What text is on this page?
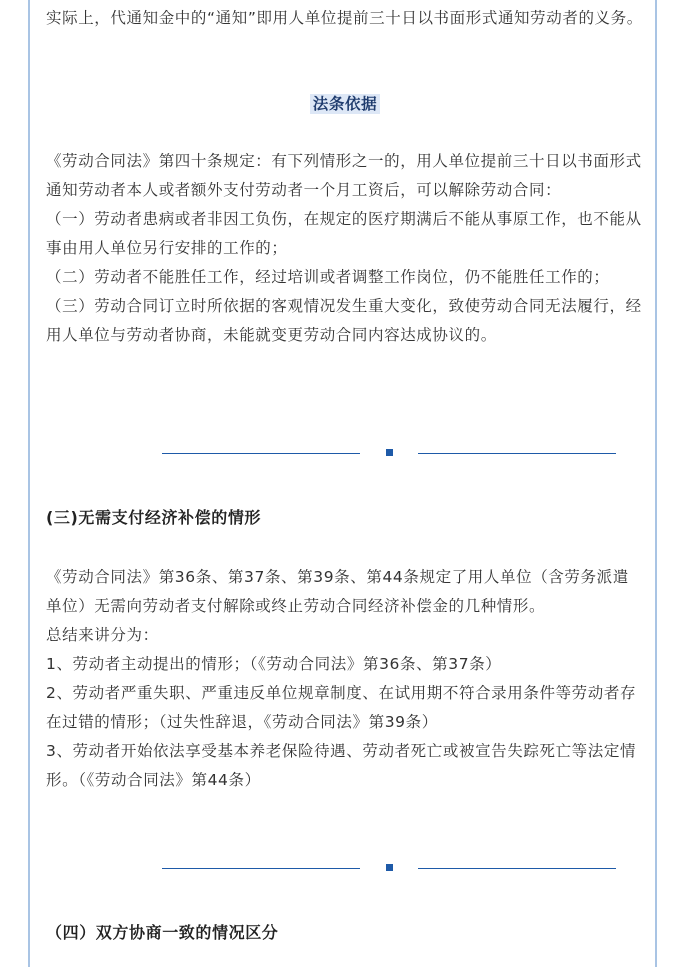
实际上，代通知金中的“通知”即用人单位提前三十日以书面形式通知劳动者的义务。

法条依据

《劳动合同法》第四十条规定：有下列情形之一的，用人单位提前三十日以书面形式通知劳动者本人或者额外支付劳动者一个月工资后，可以解除劳动合同：

（一）劳动者患病或者非因工负伤，在规定的医疗期满后不能从事原工作，也不能从事由用人单位另行安排的工作的；

（二）劳动者不能胜任工作，经过培训或者调整工作岗位，仍不能胜任工作的；

（三）劳动合同订立时所依据的客观情况发生重大变化，致使劳动合同无法履行，经用人单位与劳动者协商，未能就变更劳动合同内容达成协议的。

(三)无需支付经济补偿的情形

《劳动合同法》第36条、第37条、第39条、第44条规定了用人单位（含劳务派遣单位）无需向劳动者支付解除或终止劳动合同经济补偿金的几种情形。

总结来讲分为：

1、劳动者主动提出的情形；（《劳动合同法》第36条、第37条）

2、劳动者严重失职、严重违反单位规章制度、在试用期不符合录用条件等劳动者存在过错的情形；（过失性辞退，《劳动合同法》第39条）

3、劳动者开始依法享受基本养老保险待遇、劳动者死亡或被宣告失踪死亡等法定情形。（《劳动合同法》第44条）

（四）双方协商一致的情况区分
